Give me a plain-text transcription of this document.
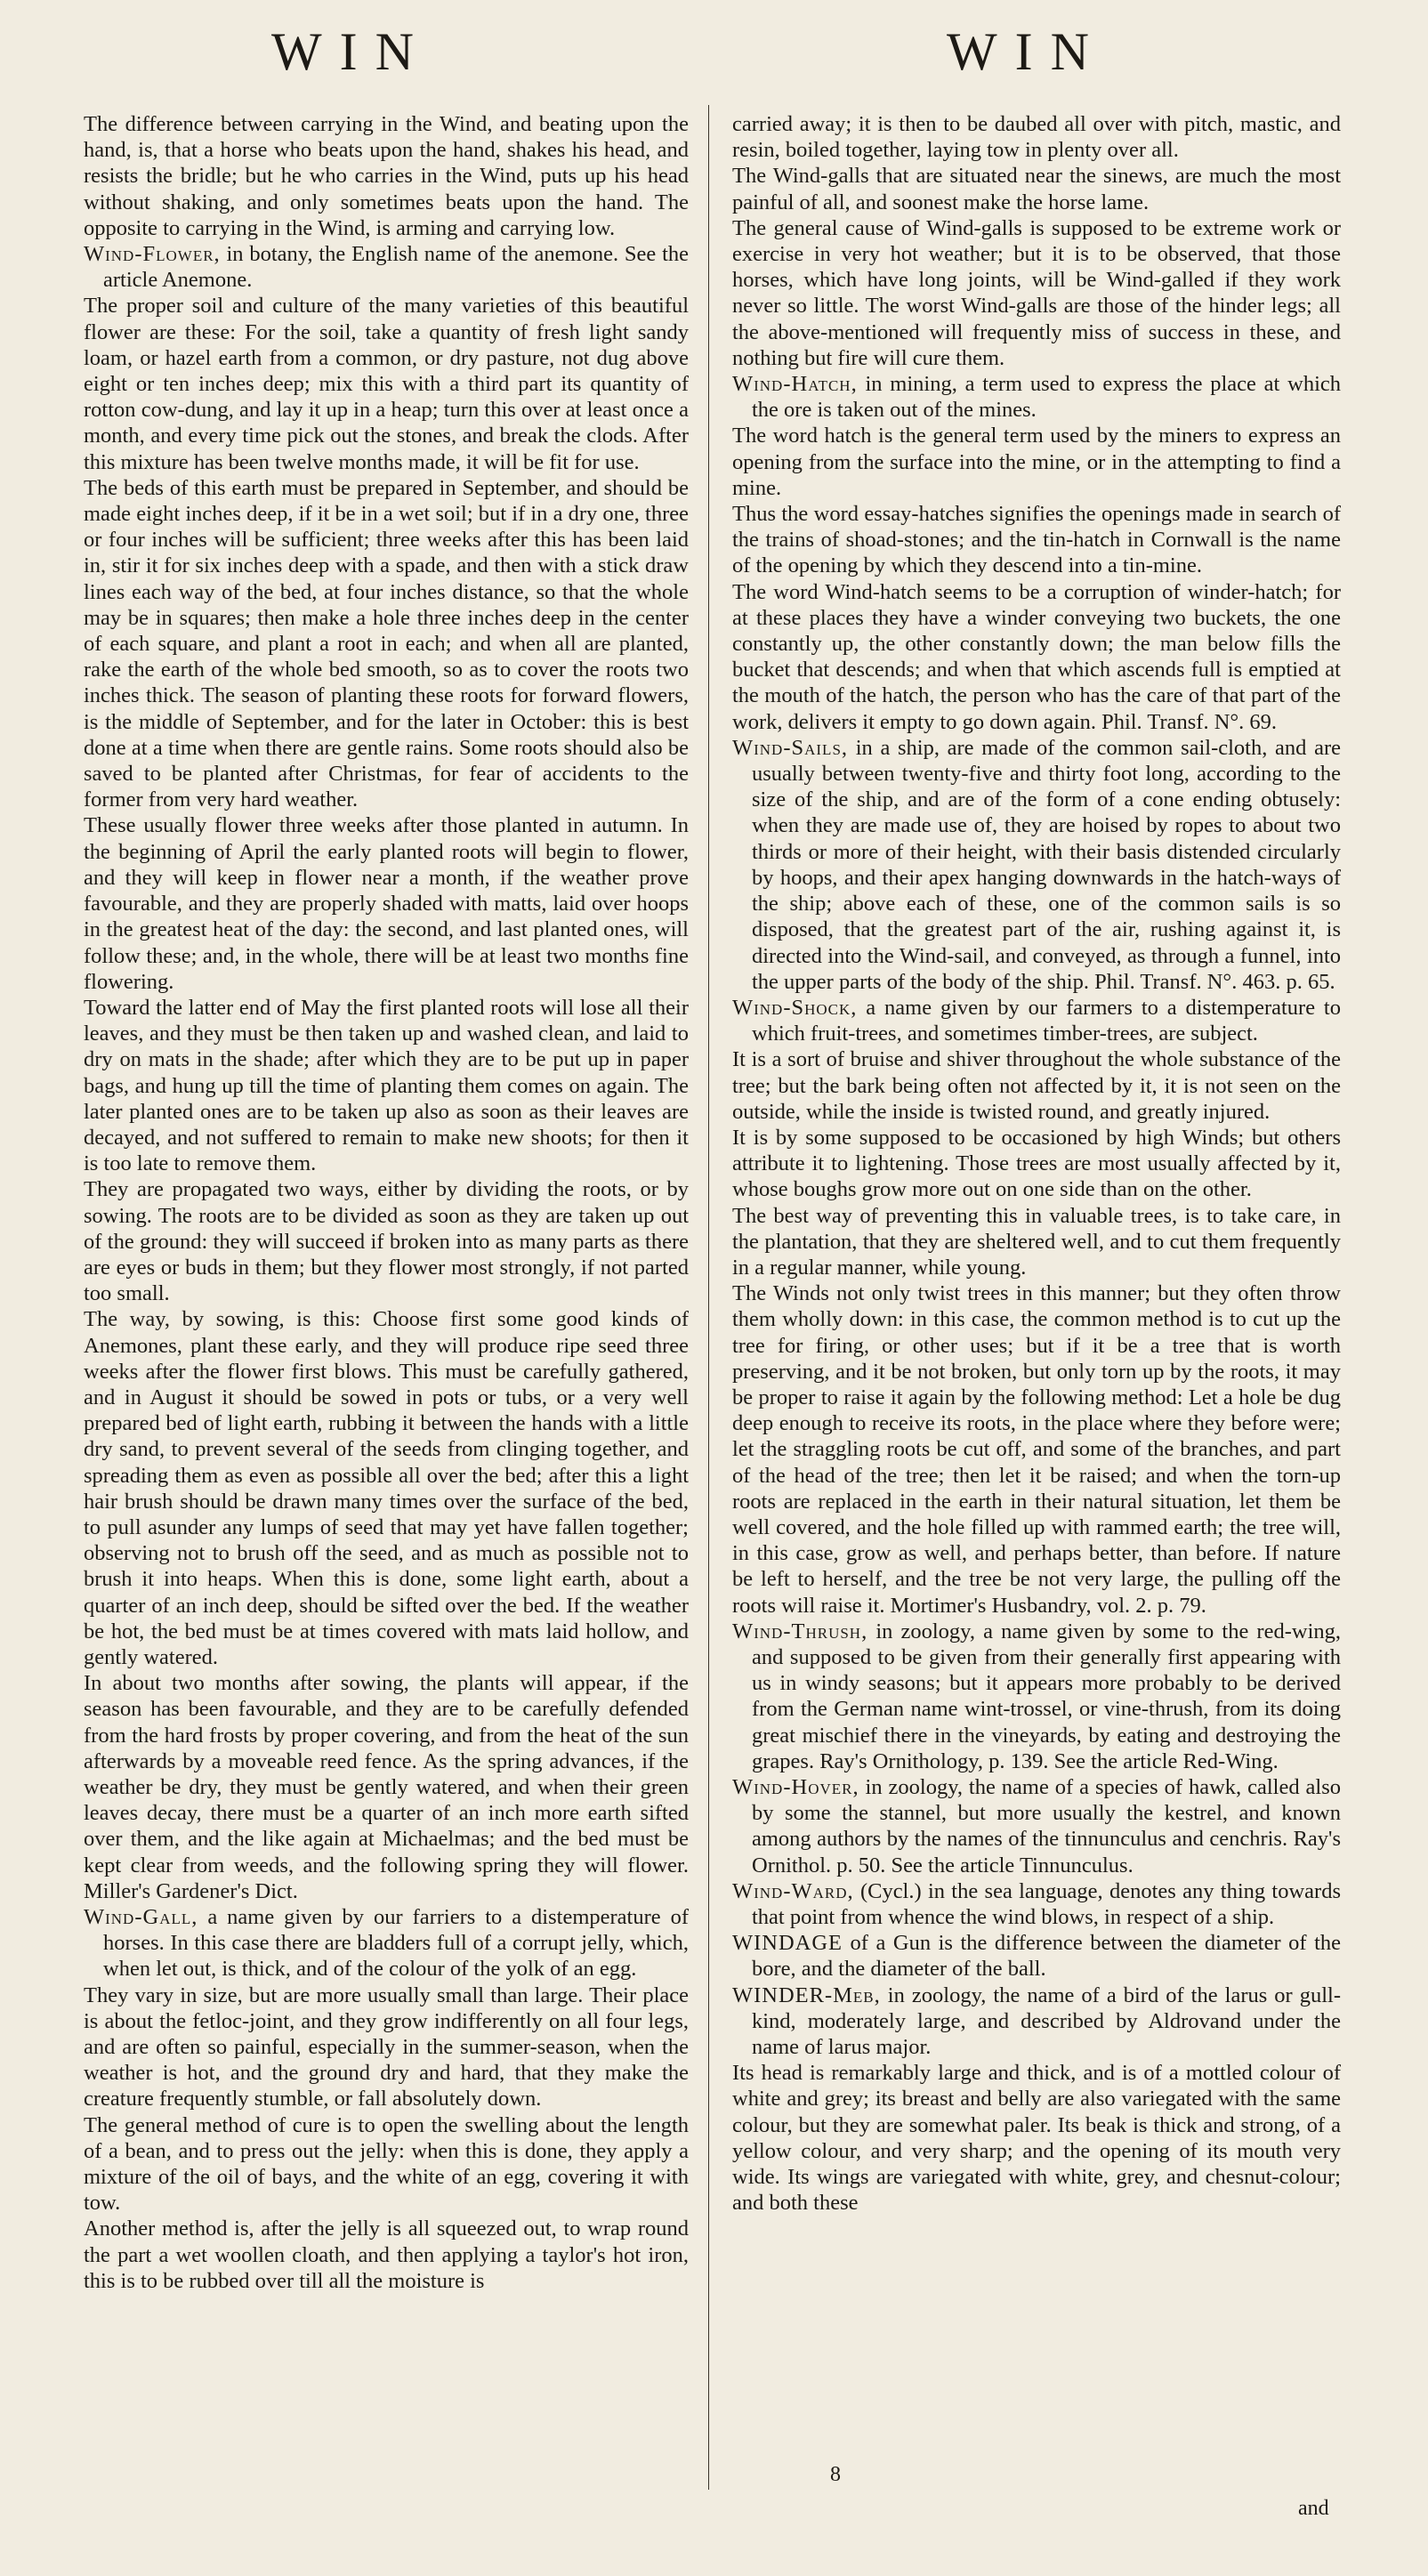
WIN	WIN

The difference between carrying in the Wind, and beating upon the hand, is, that a horse who beats upon the hand, shakes his head, and resists the bridle; but he who carries in the Wind, puts up his head without shaking, and only sometimes beats upon the hand. The opposite to carrying in the Wind, is arming and carrying low.

Wind-Flower, in botany, the English name of the anemone. See the article Anemone.

The proper soil and culture of the many varieties of this beautiful flower are these: For the soil, take a quantity of fresh light sandy loam, or hazel earth from a common, or dry pasture, not dug above eight or ten inches deep; mix this with a third part its quantity of rotton cow-dung, and lay it up in a heap; turn this over at least once a month, and every time pick out the stones, and break the clods. After this mixture has been twelve months made, it will be fit for use.

The beds of this earth must be prepared in September, and should be made eight inches deep, if it be in a wet soil; but if in a dry one, three or four inches will be sufficient; three weeks after this has been laid in, stir it for six inches deep with a spade, and then with a stick draw lines each way of the bed, at four inches distance, so that the whole may be in squares; then make a hole three inches deep in the center of each square, and plant a root in each; and when all are planted, rake the earth of the whole bed smooth, so as to cover the roots two inches thick. The season of planting these roots for forward flowers, is the middle of September, and for the later in October: this is best done at a time when there are gentle rains. Some roots should also be saved to be planted after Christmas, for fear of accidents to the former from very hard weather.

These usually flower three weeks after those planted in autumn. In the beginning of April the early planted roots will begin to flower, and they will keep in flower near a month, if the weather prove favourable, and they are properly shaded with matts, laid over hoops in the greatest heat of the day: the second, and last planted ones, will follow these; and, in the whole, there will be at least two months fine flowering.

Toward the latter end of May the first planted roots will lose all their leaves, and they must be then taken up and washed clean, and laid to dry on mats in the shade; after which they are to be put up in paper bags, and hung up till the time of planting them comes on again. The later planted ones are to be taken up also as soon as their leaves are decayed, and not suffered to remain to make new shoots; for then it is too late to remove them.

They are propagated two ways, either by dividing the roots, or by sowing. The roots are to be divided as soon as they are taken up out of the ground: they will succeed if broken into as many parts as there are eyes or buds in them; but they flower most strongly, if not parted too small.

The way, by sowing, is this: Choose first some good kinds of Anemones, plant these early, and they will produce ripe seed three weeks after the flower first blows. This must be carefully gathered, and in August it should be sowed in pots or tubs, or a very well prepared bed of light earth, rubbing it between the hands with a little dry sand, to prevent several of the seeds from clinging together, and spreading them as even as possible all over the bed; after this a light hair brush should be drawn many times over the surface of the bed, to pull asunder any lumps of seed that may yet have fallen together; observing not to brush off the seed, and as much as possible not to brush it into heaps. When this is done, some light earth, about a quarter of an inch deep, should be sifted over the bed. If the weather be hot, the bed must be at times covered with mats laid hollow, and gently watered.

In about two months after sowing, the plants will appear, if the season has been favourable, and they are to be carefully defended from the hard frosts by proper covering, and from the heat of the sun afterwards by a moveable reed fence. As the spring advances, if the weather be dry, they must be gently watered, and when their green leaves decay, there must be a quarter of an inch more earth sifted over them, and the like again at Michaelmas; and the bed must be kept clear from weeds, and the following spring they will flower. Miller's Gardener's Dict.

Wind-Gall, a name given by our farriers to a distemperature of horses. In this case there are bladders full of a corrupt jelly, which, when let out, is thick, and of the colour of the yolk of an egg.

They vary in size, but are more usually small than large. Their place is about the fetloc-joint, and they grow indifferently on all four legs, and are often so painful, especially in the summer-season, when the weather is hot, and the ground dry and hard, that they make the creature frequently stumble, or fall absolutely down.

The general method of cure is to open the swelling about the length of a bean, and to press out the jelly: when this is done, they apply a mixture of the oil of bays, and the white of an egg, covering it with tow.

Another method is, after the jelly is all squeezed out, to wrap round the part a wet woollen cloath, and then applying a taylor's hot iron, this is to be rubbed over till all the moisture is

carried away; it is then to be daubed all over with pitch, mastic, and resin, boiled together, laying tow in plenty over all.

The Wind-galls that are situated near the sinews, are much the most painful of all, and soonest make the horse lame.

The general cause of Wind-galls is supposed to be extreme work or exercise in very hot weather; but it is to be observed, that those horses, which have long joints, will be Wind-galled if they work never so little. The worst Wind-galls are those of the hinder legs; all the above-mentioned will frequently miss of success in these, and nothing but fire will cure them.

Wind-Hatch, in mining, a term used to express the place at which the ore is taken out of the mines.

The word hatch is the general term used by the miners to express an opening from the surface into the mine, or in the attempting to find a mine.

Thus the word essay-hatches signifies the openings made in search of the trains of shoad-stones; and the tin-hatch in Cornwall is the name of the opening by which they descend into a tin-mine.

The word Wind-hatch seems to be a corruption of winder-hatch; for at these places they have a winder conveying two buckets, the one constantly up, the other constantly down; the man below fills the bucket that descends; and when that which ascends full is emptied at the mouth of the hatch, the person who has the care of that part of the work, delivers it empty to go down again. Phil. Transf. N°. 69.

Wind-Sails, in a ship, are made of the common sail-cloth, and are usually between twenty-five and thirty foot long, according to the size of the ship, and are of the form of a cone ending obtusely: when they are made use of, they are hoised by ropes to about two thirds or more of their height, with their basis distended circularly by hoops, and their apex hanging downwards in the hatch-ways of the ship; above each of these, one of the common sails is so disposed, that the greatest part of the air, rushing against it, is directed into the Wind-sail, and conveyed, as through a funnel, into the upper parts of the body of the ship. Phil. Transf. N°. 463. p. 65.

Wind-Shock, a name given by our farmers to a distemperature to which fruit-trees, and sometimes timber-trees, are subject.

It is a sort of bruise and shiver throughout the whole substance of the tree; but the bark being often not affected by it, it is not seen on the outside, while the inside is twisted round, and greatly injured.

It is by some supposed to be occasioned by high Winds; but others attribute it to lightening. Those trees are most usually affected by it, whose boughs grow more out on one side than on the other.

The best way of preventing this in valuable trees, is to take care, in the plantation, that they are sheltered well, and to cut them frequently in a regular manner, while young.

The Winds not only twist trees in this manner; but they often throw them wholly down: in this case, the common method is to cut up the tree for firing, or other uses; but if it be a tree that is worth preserving, and it be not broken, but only torn up by the roots, it may be proper to raise it again by the following method: Let a hole be dug deep enough to receive its roots, in the place where they before were; let the straggling roots be cut off, and some of the branches, and part of the head of the tree; then let it be raised; and when the torn-up roots are replaced in the earth in their natural situation, let them be well covered, and the hole filled up with rammed earth; the tree will, in this case, grow as well, and perhaps better, than before. If nature be left to herself, and the tree be not very large, the pulling off the roots will raise it. Mortimer's Husbandry, vol. 2. p. 79.

Wind-Thrush, in zoology, a name given by some to the red-wing, and supposed to be given from their generally first appearing with us in windy seasons; but it appears more probably to be derived from the German name wint-trossel, or vine-thrush, from its doing great mischief there in the vineyards, by eating and destroying the grapes. Ray's Ornithology, p. 139. See the article Red-Wing.

Wind-Hover, in zoology, the name of a species of hawk, called also by some the stannel, but more usually the kestrel, and known among authors by the names of the tinnunculus and cenchris. Ray's Ornithol. p. 50. See the article Tinnunculus.

Wind-Ward, (Cycl.) in the sea language, denotes any thing towards that point from whence the wind blows, in respect of a ship.

WINDAGE of a Gun is the difference between the diameter of the bore, and the diameter of the ball.

WINDER-Meb, in zoology, the name of a bird of the larus or gull-kind, moderately large, and described by Aldrovand under the name of larus major.

Its head is remarkably large and thick, and is of a mottled colour of white and grey; its breast and belly are also variegated with the same colour, but they are somewhat paler. Its beak is thick and strong, of a yellow colour, and very sharp; and the opening of its mouth very wide. Its wings are variegated with white, grey, and chesnut-colour; and both these

8
and
